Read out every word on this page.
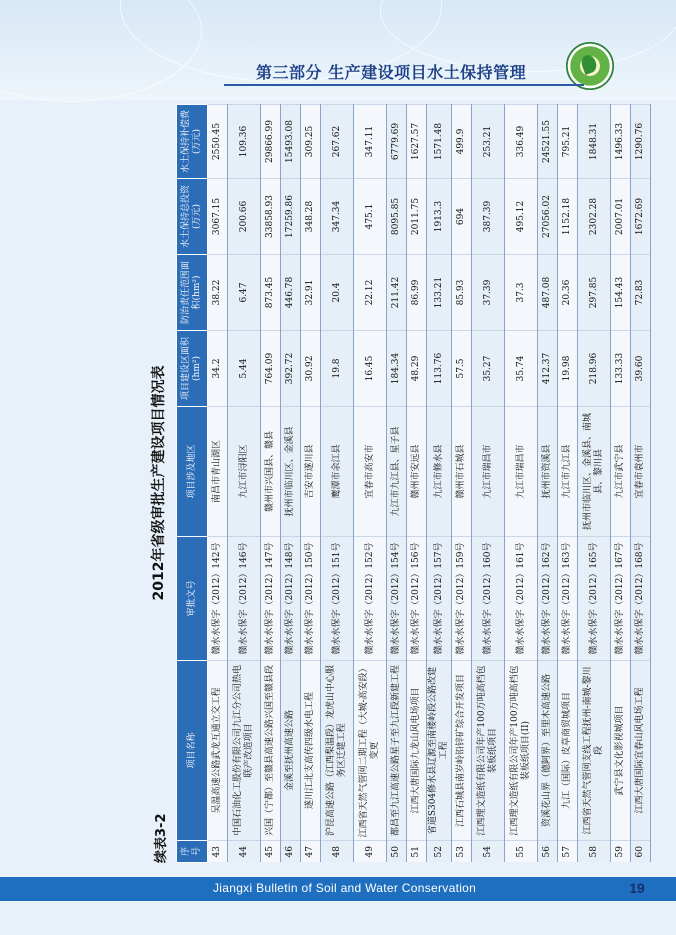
第三部分 生产建设项目水土保持管理
续表3-2
2012年省级审批生产建设项目情况表
序号	项目名称	审批文号	项目涉及地区	项目建设区面积(hm²)	防治责任范围面积(hm²)	水土保持总投资(万元)	水土保持补偿费(万元)
43	吴温高速公路武龙互通立交工程	赣水水保字（2012）142号	南昌市青山湖区	34.2	38.22	3067.15	2550.45
44	中国石油化工股份有限公司九江分公司热电联产改造项目	赣水水保字（2012）146号	九江市浔阳区	5.44	6.47	200.66	109.36
45	兴国（宁都）至赣县高速公路兴国至赣县段	赣水水保字（2012）147号	赣州市兴国县、赣县	764.09	873.45	33858.93	29866.99
46	金溪至抚州高速公路	赣水水保字（2012）148号	抚州市临川区、金溪县	392.72	446.78	17259.86	15493.08
47	遂川江北支高传四级水电工程	赣水水保字（2012）150号	吉安市遂川县	30.92	32.91	348.28	309.25
48	沪昆高速公路（江西梨温段）龙虎山中心服务区迁建工程	赣水水保字（2012）151号	鹰潭市余江县	19.8	20.4	347.34	267.62
49	江西省天然气管网二期工程（大城-高安段）变更	赣水水保字（2012）152号	宜春市高安市	16.45	22.12	475.1	347.11
50	都昌至九江高速公路星子至九江段新建工程	赣水水保字（2012）154号	九江市九江县、星子县	184.34	211.42	8095.85	6779.69
51	江西大唐国际九龙山风电场项目	赣水水保字（2012）156号	赣州市安远县	48.29	86.99	2011.75	1627.57
52	省道S304修水县辽源至南楼岭段公路改建工程	赣水水保字（2012）157号	九江市修水县	113.76	133.21	1913.3	1571.48
53	江西石城县南岁岭铅锌矿综合开发项目	赣水水保字（2012）159号	赣州市石城县	57.5	85.93	694	499.9
54	江西理文造纸有限公司年产100万吨高档包装板纸项目	赣水水保字（2012）160号	九江市瑞昌市	35.27	37.39	387.39	253.21
55	江西理文造纸有限公司年产100万吨高档包装板纸项目(II)	赣水水保字（2012）161号	九江市瑞昌市	35.74	37.3	495.12	336.49
56	资溪花山界（德阿界）至里木高速公路	赣水水保字（2012）162号	抚州市资溪县	412.37	487.08	27056.02	24521.55
57	九江（国际）皮草商贸城项目	赣水水保字（2012）163号	九江市九江县	19.98	20.36	1152.18	795.21
58	江西省天然气管网支线工程抚州-南城-黎川段	赣水水保字（2012）165号	抚州市临川区、金溪县、南城县、黎川县	218.96	297.85	2302.28	1848.31
59	武宁县文化影视城项目	赣水水保字（2012）167号	九江市武宁县	133.33	154.43	2007.01	1496.33
60	江西大唐国际宜春山风电场工程	赣水水保字（2012）168号	宜春市袁州市	39.60	72.83	1672.69	1290.76
Jiangxi Bulletin of Soil and Water Conservation	19
